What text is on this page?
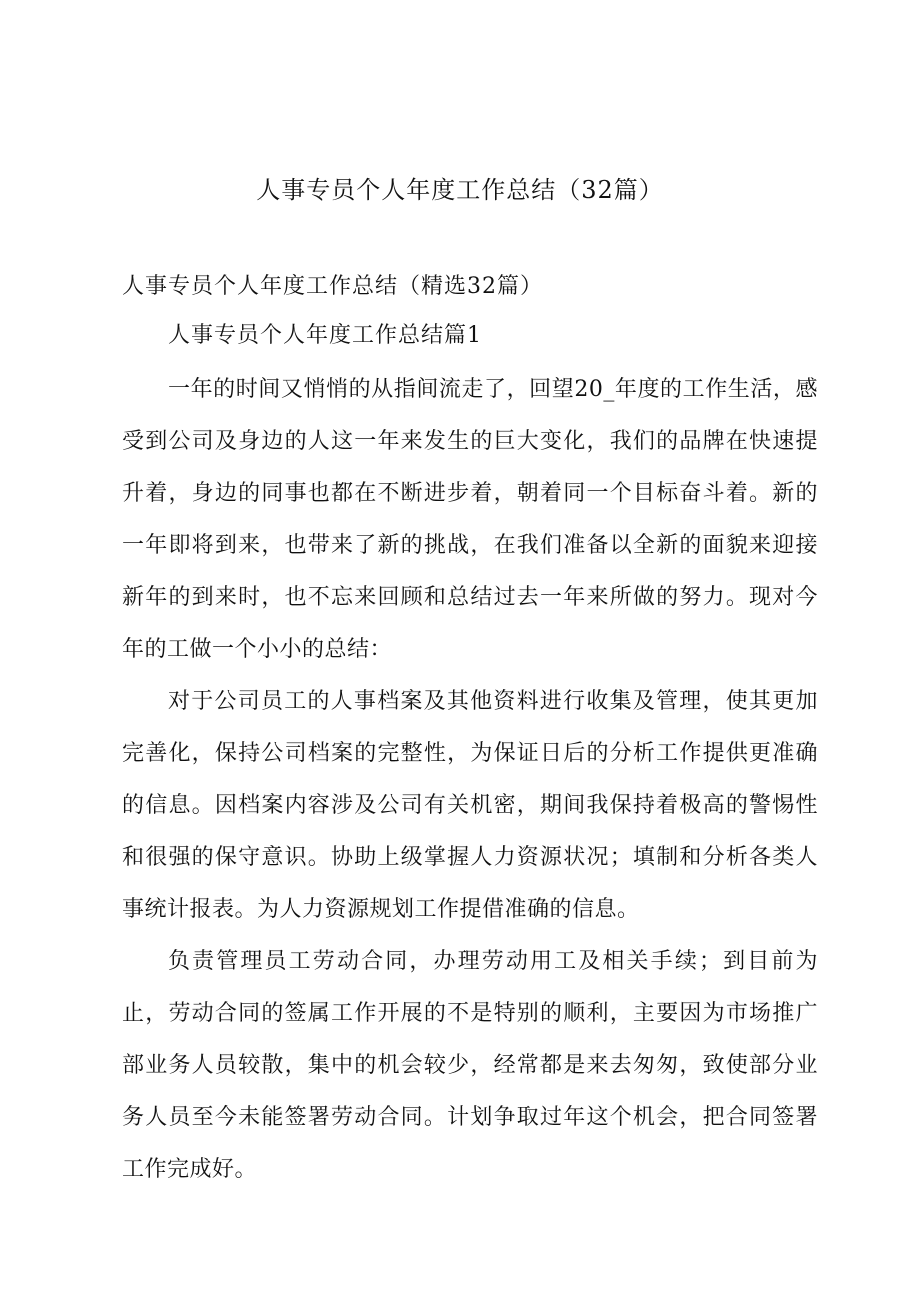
人事专员个人年度工作总结（32篇）
人事专员个人年度工作总结（精选32篇）
人事专员个人年度工作总结篇1

一年的时间又悄悄的从指间流走了，回望20_年度的工作生活，感受到公司及身边的人这一年来发生的巨大变化，我们的品牌在快速提升着，身边的同事也都在不断进步着，朝着同一个目标奋斗着。新的一年即将到来，也带来了新的挑战，在我们准备以全新的面貌来迎接新年的到来时，也不忘来回顾和总结过去一年来所做的努力。现对今年的工做一个小小的总结：

对于公司员工的人事档案及其他资料进行收集及管理，使其更加完善化，保持公司档案的完整性，为保证日后的分析工作提供更准确的信息。因档案内容涉及公司有关机密，期间我保持着极高的警惕性和很强的保守意识。协助上级掌握人力资源状况；填制和分析各类人事统计报表。为人力资源规划工作提借准确的信息。

负责管理员工劳动合同，办理劳动用工及相关手续；到目前为止，劳动合同的签属工作开展的不是特别的顺利，主要因为市场推广部业务人员较散，集中的机会较少，经常都是来去匆匆，致使部分业务人员至今未能签署劳动合同。计划争取过年这个机会，把合同签署工作完成好。
